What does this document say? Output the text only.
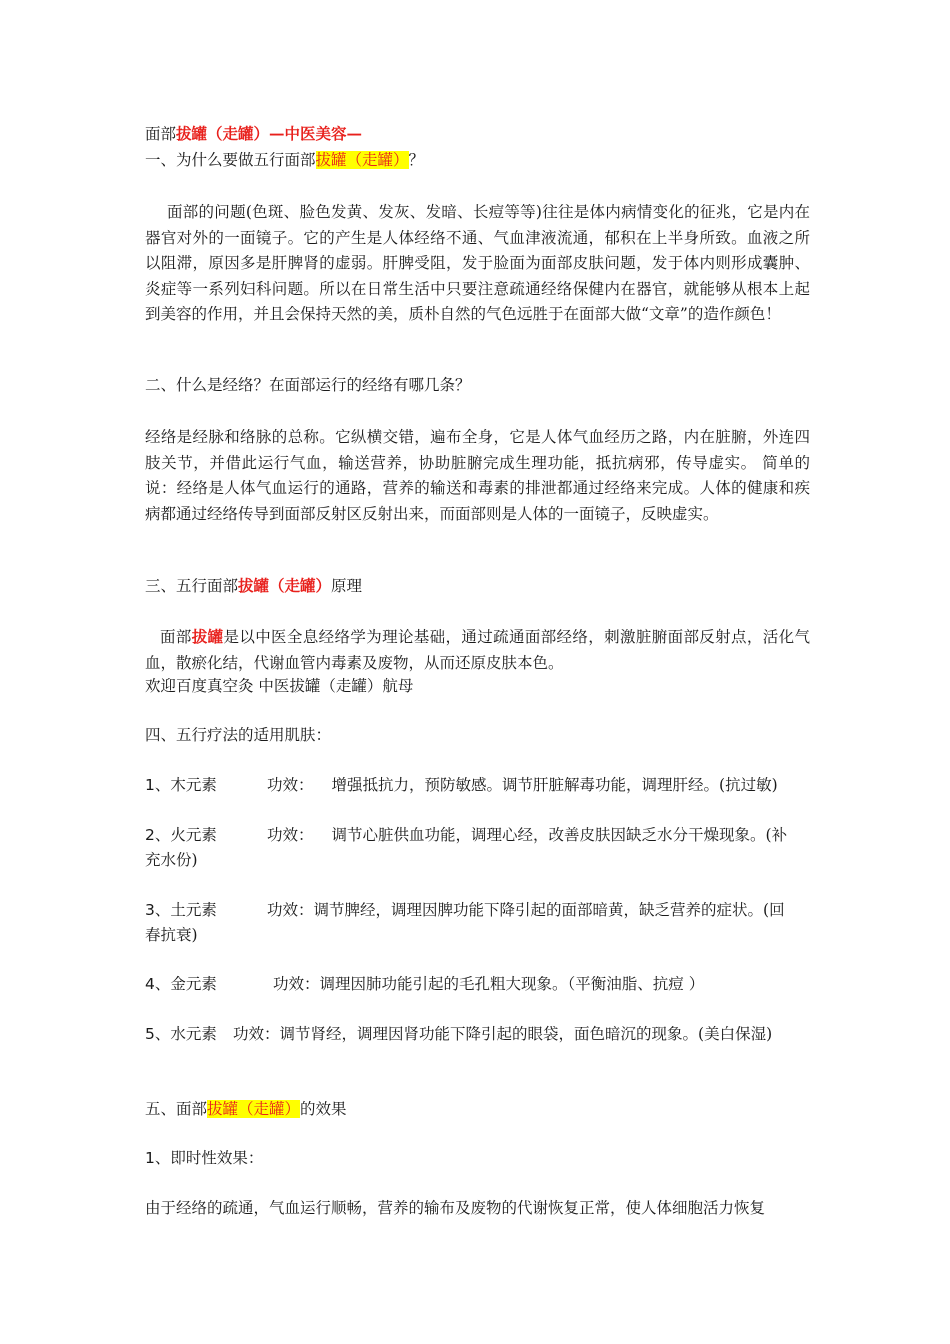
面部拔罐（走罐）—中医美容—
一、为什么要做五行面部拔罐（走罐）？
面部的问题(色斑、脸色发黄、发灰、发暗、长痘等等)往往是体内病情变化的征兆，它是内在器官对外的一面镜子。它的产生是人体经络不通、气血津液流通，郁积在上半身所致。血液之所以阻滞，原因多是肝脾肾的虚弱。肝脾受阻，发于脸面为面部皮肤问题，发于体内则形成囊肿、炎症等一系列妇科问题。所以在日常生活中只要注意疏通经络保健内在器官，就能够从根本上起到美容的作用，并且会保持天然的美，质朴自然的气色远胜于在面部大做“文章”的造作颜色！
二、什么是经络？在面部运行的经络有哪几条？
经络是经脉和络脉的总称。它纵横交错，遍布全身，它是人体气血经历之路，内在脏腑，外连四肢关节，并借此运行气血，输送营养，协助脏腑完成生理功能，抵抗病邪，传导虚实。 简单的说：经络是人体气血运行的通路，营养的输送和毒素的排泄都通过经络来完成。人体的健康和疾病都通过经络传导到面部反射区反射出来，而面部则是人体的一面镜子，反映虚实。
三、五行面部拔罐（走罐）原理
面部拔罐是以中医全息经络学为理论基础，通过疏通面部经络，刺激脏腑面部反射点，活化气血，散瘀化结，代谢血管内毒素及废物，从而还原皮肤本色。
欢迎百度真空灸 中医拔罐（走罐）航母
四、五行疗法的适用肌肤：
1、木元素	功效： 增强抵抗力，预防敏感。调节肝脏解毒功能，调理肝经。(抗过敏)
2、火元素	功效： 调节心脏供血功能，调理心经，改善皮肤因缺乏水分干燥现象。(补
充水份)
3、土元素	功效：调节脾经，调理因脾功能下降引起的面部暗黄，缺乏营养的症状。(回
春抗衰)
4、金元素	功效：调理因肺功能引起的毛孔粗大现象。（平衡油脂、抗痘 ）
5、水元素 功效：调节肾经，调理因肾功能下降引起的眼袋，面色暗沉的现象。(美白保湿)
五、面部拔罐（走罐）的效果
1、即时性效果：
由于经络的疏通，气血运行顺畅，营养的输布及废物的代谢恢复正常，使人体细胞活力恢复
